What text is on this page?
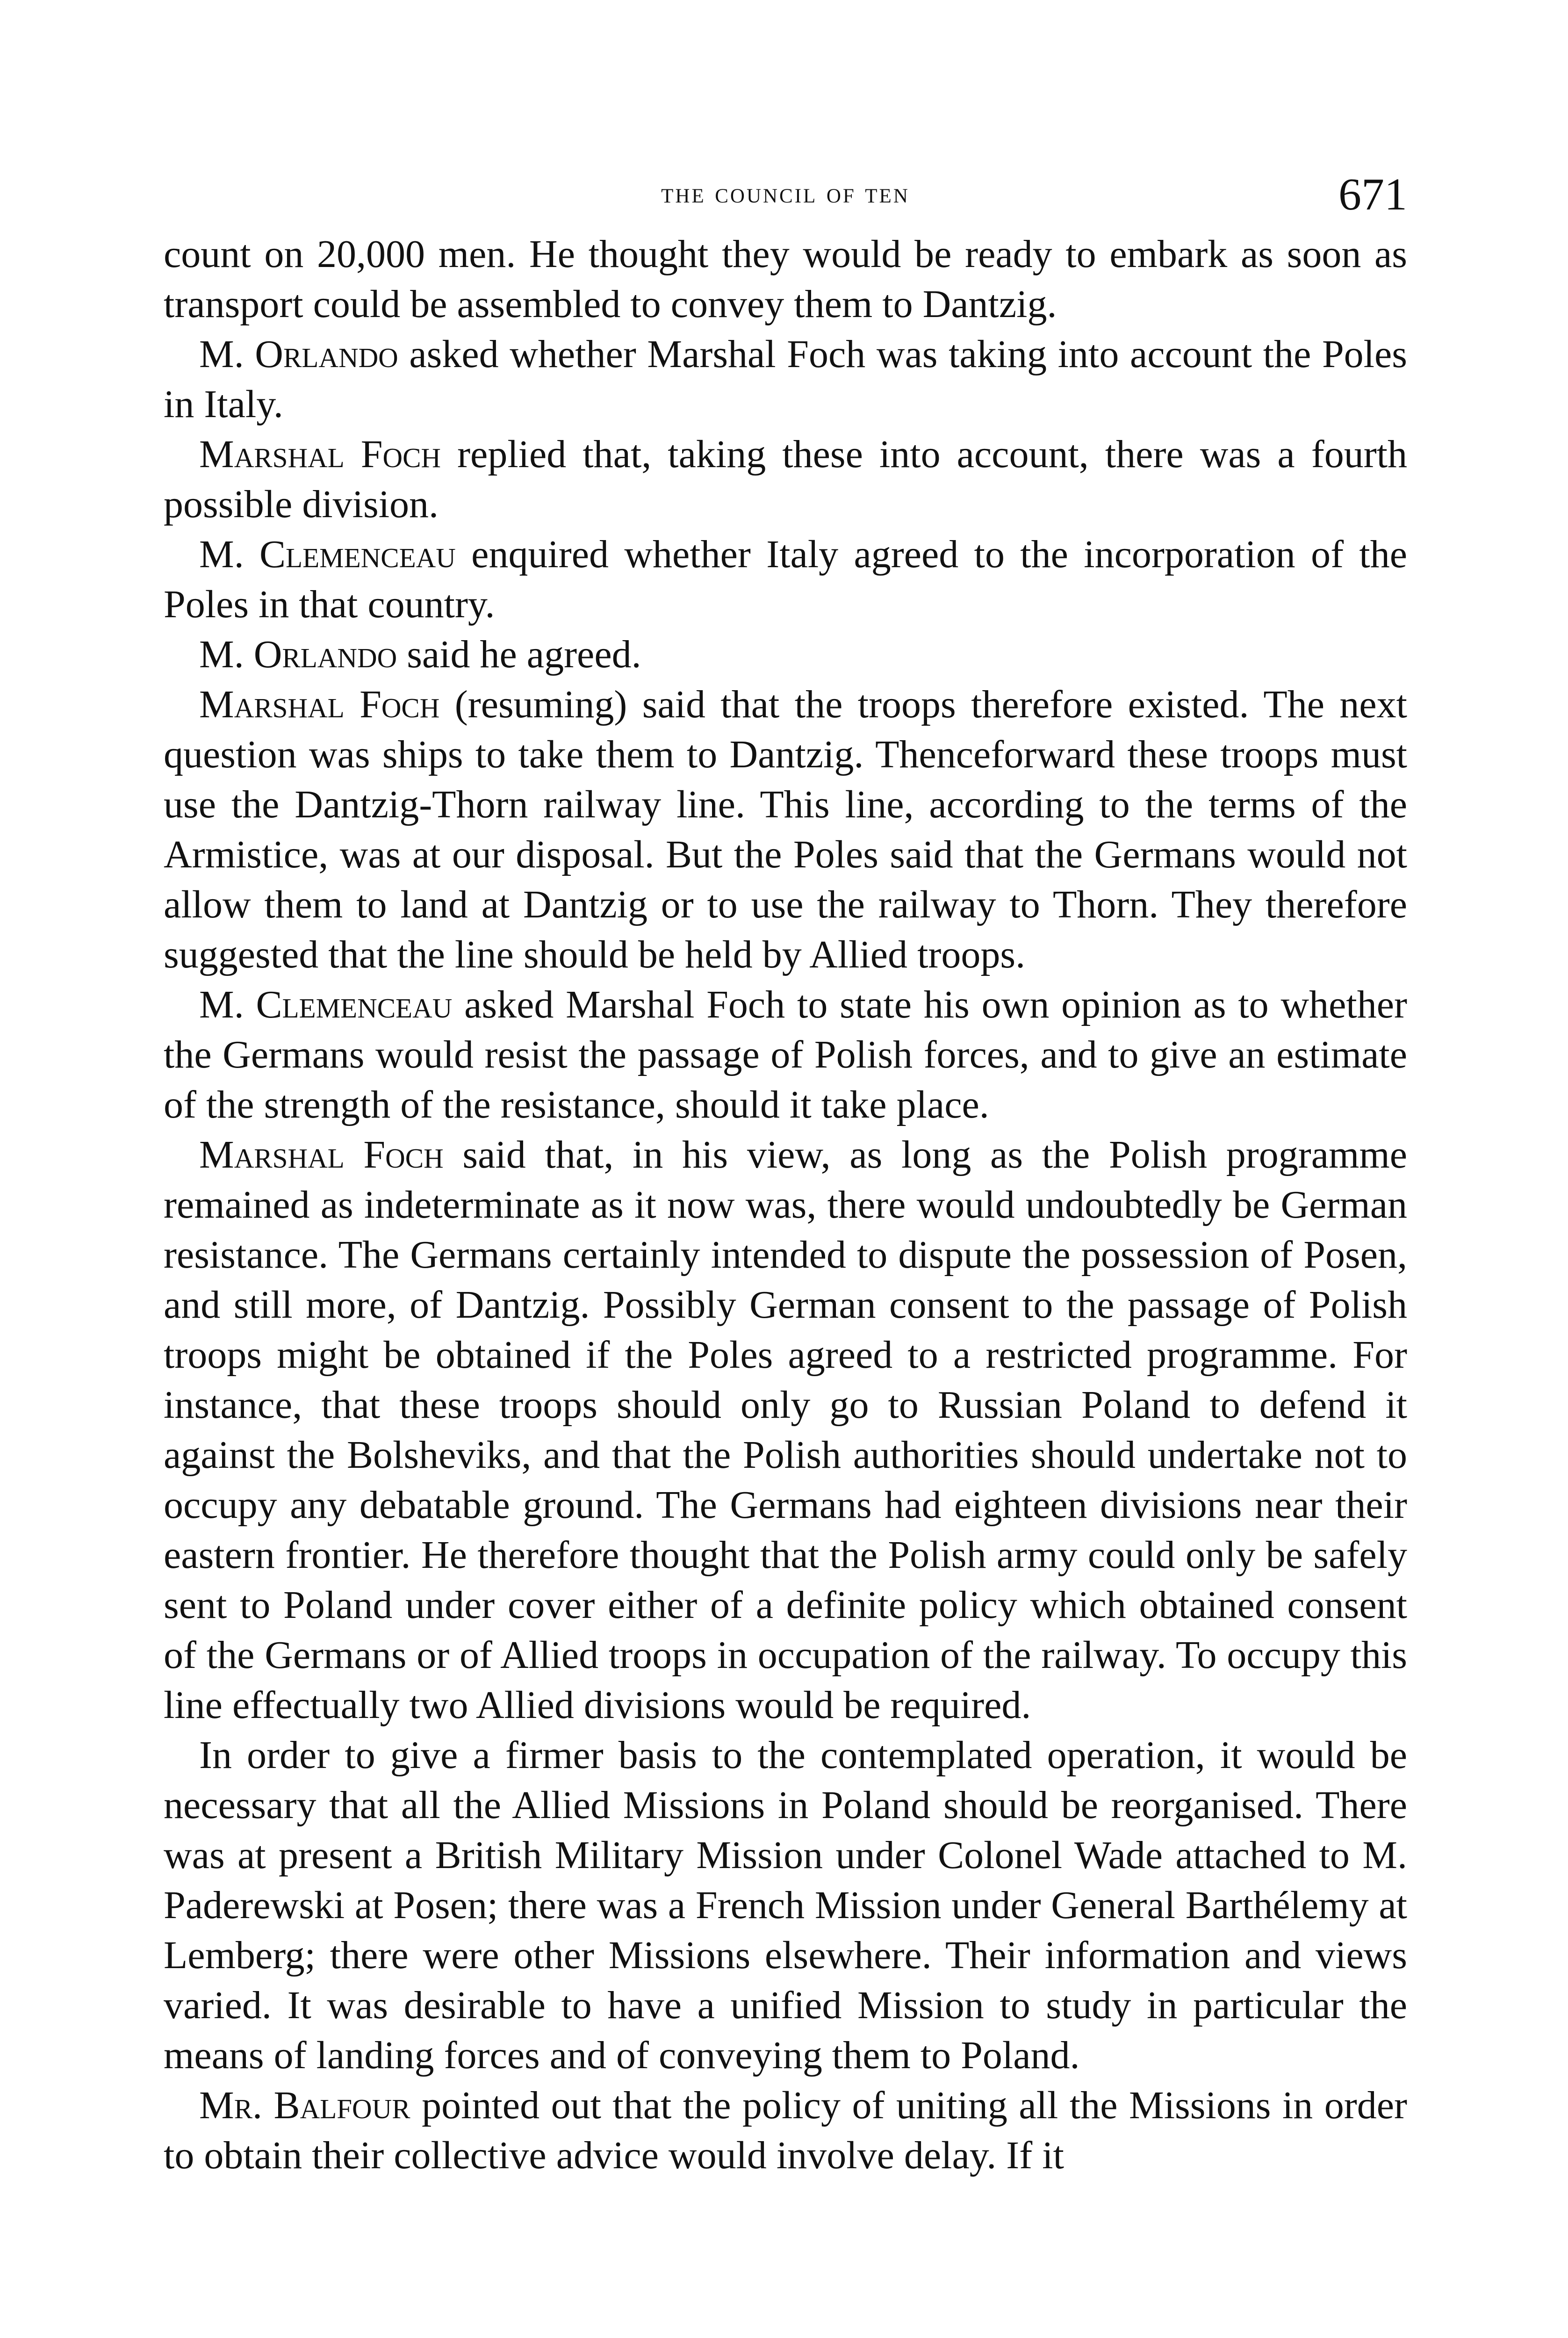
the council of ten	671

count on 20,000 men. He thought they would be ready to embark as soon as transport could be assembled to convey them to Dantzig.

M. Orlando asked whether Marshal Foch was taking into account the Poles in Italy.

Marshal Foch replied that, taking these into account, there was a fourth possible division.

M. Clemenceau enquired whether Italy agreed to the incorporation of the Poles in that country.

M. Orlando said he agreed.

Marshal Foch (resuming) said that the troops therefore existed. The next question was ships to take them to Dantzig. Thenceforward these troops must use the Dantzig-Thorn railway line. This line, according to the terms of the Armistice, was at our disposal. But the Poles said that the Germans would not allow them to land at Dantzig or to use the railway to Thorn. They therefore suggested that the line should be held by Allied troops.

M. Clemenceau asked Marshal Foch to state his own opinion as to whether the Germans would resist the passage of Polish forces, and to give an estimate of the strength of the resistance, should it take place.

Marshal Foch said that, in his view, as long as the Polish programme remained as indeterminate as it now was, there would undoubtedly be German resistance. The Germans certainly intended to dispute the possession of Posen, and still more, of Dantzig. Possibly German consent to the passage of Polish troops might be obtained if the Poles agreed to a restricted programme. For instance, that these troops should only go to Russian Poland to defend it against the Bolsheviks, and that the Polish authorities should undertake not to occupy any debatable ground. The Germans had eighteen divisions near their eastern frontier. He therefore thought that the Polish army could only be safely sent to Poland under cover either of a definite policy which obtained consent of the Germans or of Allied troops in occupation of the railway. To occupy this line effectually two Allied divisions would be required.

In order to give a firmer basis to the contemplated operation, it would be necessary that all the Allied Missions in Poland should be reorganised. There was at present a British Military Mission under Colonel Wade attached to M. Paderewski at Posen; there was a French Mission under General Barthélemy at Lemberg; there were other Missions elsewhere. Their information and views varied. It was desirable to have a unified Mission to study in particular the means of landing forces and of conveying them to Poland.

Mr. Balfour pointed out that the policy of uniting all the Missions in order to obtain their collective advice would involve delay. If it
